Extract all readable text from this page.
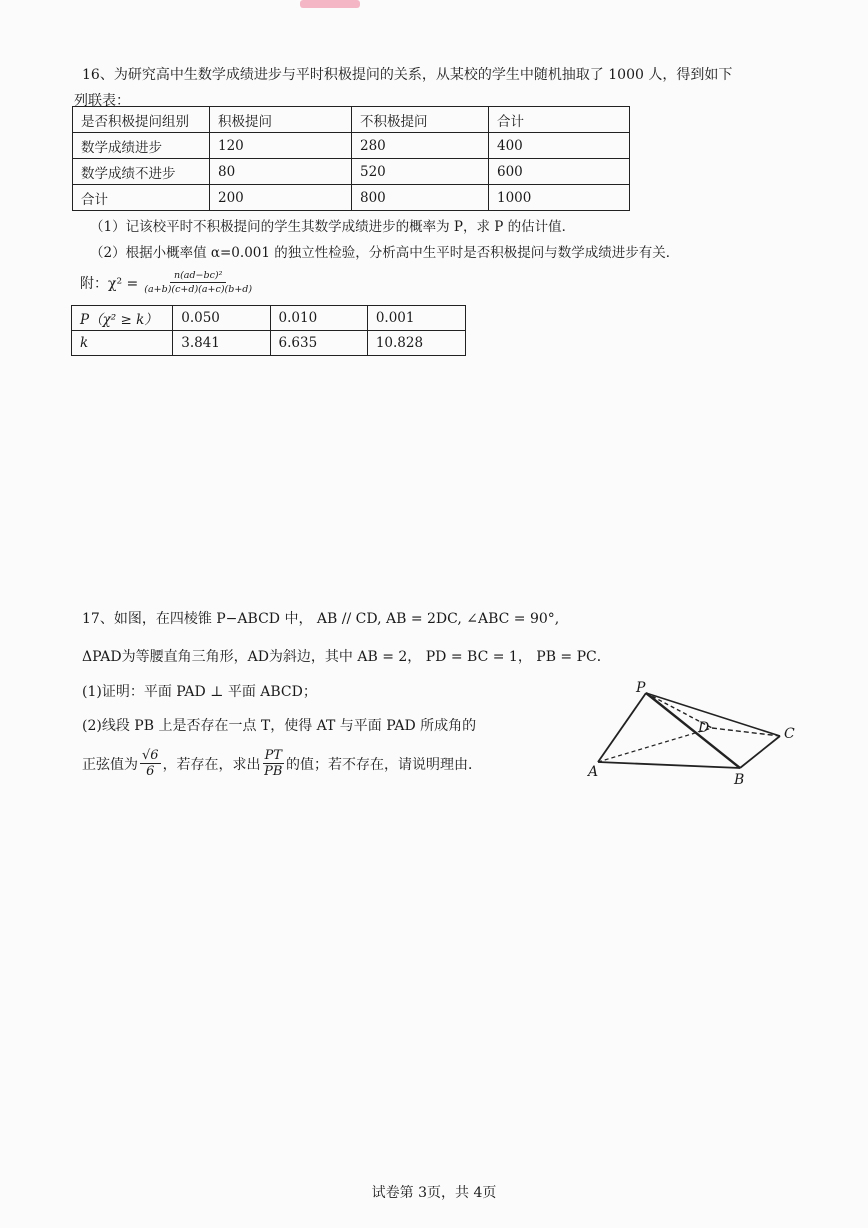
16、为研究高中生数学成绩进步与平时积极提问的关系，从某校的学生中随机抽取了 1000 人，得到如下
列联表：
是否积极提问组别	积极提问	不积极提问	合计
数学成绩进步	120	280	400
数学成绩不进步	80	520	600
合计	200	800	1000
（1）记该校平时不积极提问的学生其数学成绩进步的概率为 P，求 P 的估计值．
（2）根据小概率值 α=0.001 的独立性检验，分析高中生平时是否积极提问与数学成绩进步有关．
附：$\chi^2 = \frac{\text{n(ad−bc)²}}{(a+b)(c+d)(a+c)(b+d)}$
P（χ² ≥ k）	0.050	0.010	0.001
k	3.841	6.635	10.828
17、如图，在四棱锥 P−ABCD 中， AB // CD, AB = 2DC, ∠ABC = 90°,
ΔPAD为等腰直角三角形，AD为斜边，其中 AB = 2， PD = BC = 1， PB = PC．
(1)证明：平面 PAD ⊥ 平面 ABCD；
(2)线段 PB 上是否存在一点 T，使得 AT 与平面 PAD 所成角的
正弦值为 $\frac{√6}{6}$ ，若存在，求出 $\frac{PT}{PB}$ 的值；若不存在，请说明理由．
P
D	C
A	B
试卷第 3页，共 4页
